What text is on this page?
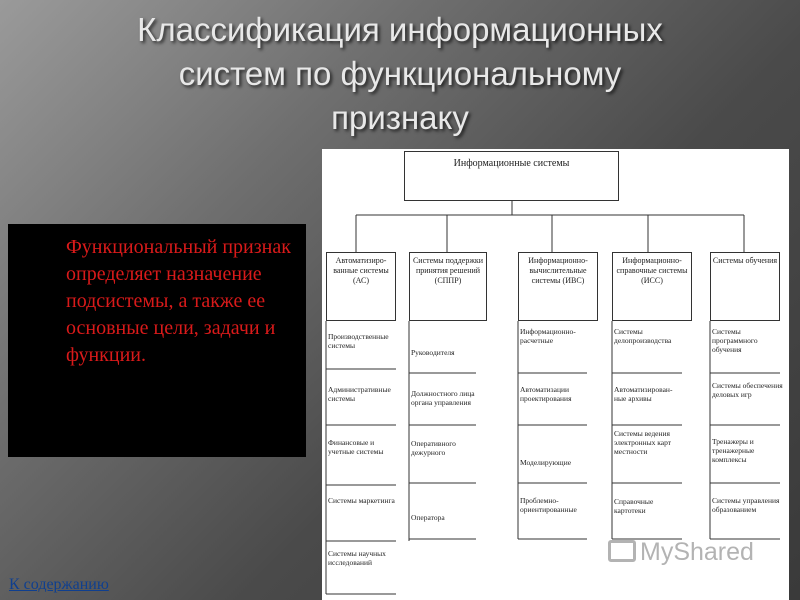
Классификация информационных
систем по функциональному
признаку
Функциональный признак определяет назначение подсистемы, а также ее основные цели, задачи и функции.
Информационные системы
Автоматизиро- ванные системы (АС)
Системы поддержки принятия решений (СППР)
Информационно- вычислительные системы (ИВС)
Информационно- справочные системы (ИСС)
Системы обучения
Производственные системы
Административные системы
Финансовые и учетные системы
Системы маркетинга
Системы научных исследований
Руководителя
Должностного лица органа управления
Оперативного дежурного
Оператора
Информационно- расчетные
Автоматизации проектирования
Моделирующие
Проблемно- ориентированные
Системы делопроизводства
Автоматизирован- ные архивы
Системы ведения электронных карт местности
Справочные картотеки
Системы программного обучения
Системы обеспечения деловых игр
Тренажеры и тренажерные комплексы
Системы управления образованием
MyShared
К содержанию
